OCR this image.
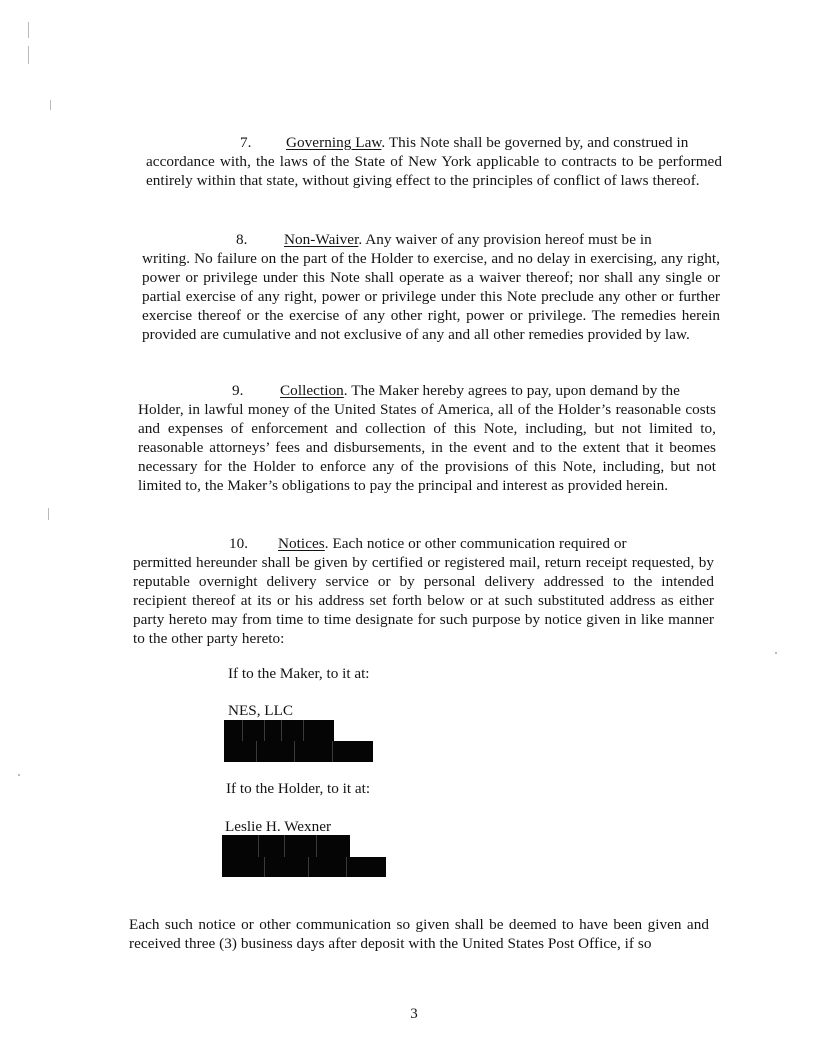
7. Governing Law. This Note shall be governed by, and construed in
accordance with, the laws of the State of New York applicable to contracts to be performed entirely within that state, without giving effect to the principles of conflict of laws thereof.
8. Non-Waiver. Any waiver of any provision hereof must be in
writing. No failure on the part of the Holder to exercise, and no delay in exercising, any right, power or privilege under this Note shall operate as a waiver thereof; nor shall any single or partial exercise of any right, power or privilege under this Note preclude any other or further exercise thereof or the exercise of any other right, power or privilege. The remedies herein provided are cumulative and not exclusive of any and all other remedies provided by law.
9. Collection. The Maker hereby agrees to pay, upon demand by the
Holder, in lawful money of the United States of America, all of the Holder’s reasonable costs and expenses of enforcement and collection of this Note, including, but not limited to, reasonable attorneys’ fees and disbursements, in the event and to the extent that it beomes necessary for the Holder to enforce any of the provisions of this Note, including, but not limited to, the Maker’s obligations to pay the principal and interest as provided herein.
10. Notices. Each notice or other communication required or
permitted hereunder shall be given by certified or registered mail, return receipt requested, by reputable overnight delivery service or by personal delivery addressed to the intended recipient thereof at its or his address set forth below or at such substituted address as either party hereto may from time to time designate for such purpose by notice given in like manner to the other party hereto:
If to the Maker, to it at:
NES, LLC
If to the Holder, to it at:
Leslie H. Wexner
Each such notice or other communication so given shall be deemed to have been given and received three (3) business days after deposit with the United States Post Office, if so
3
